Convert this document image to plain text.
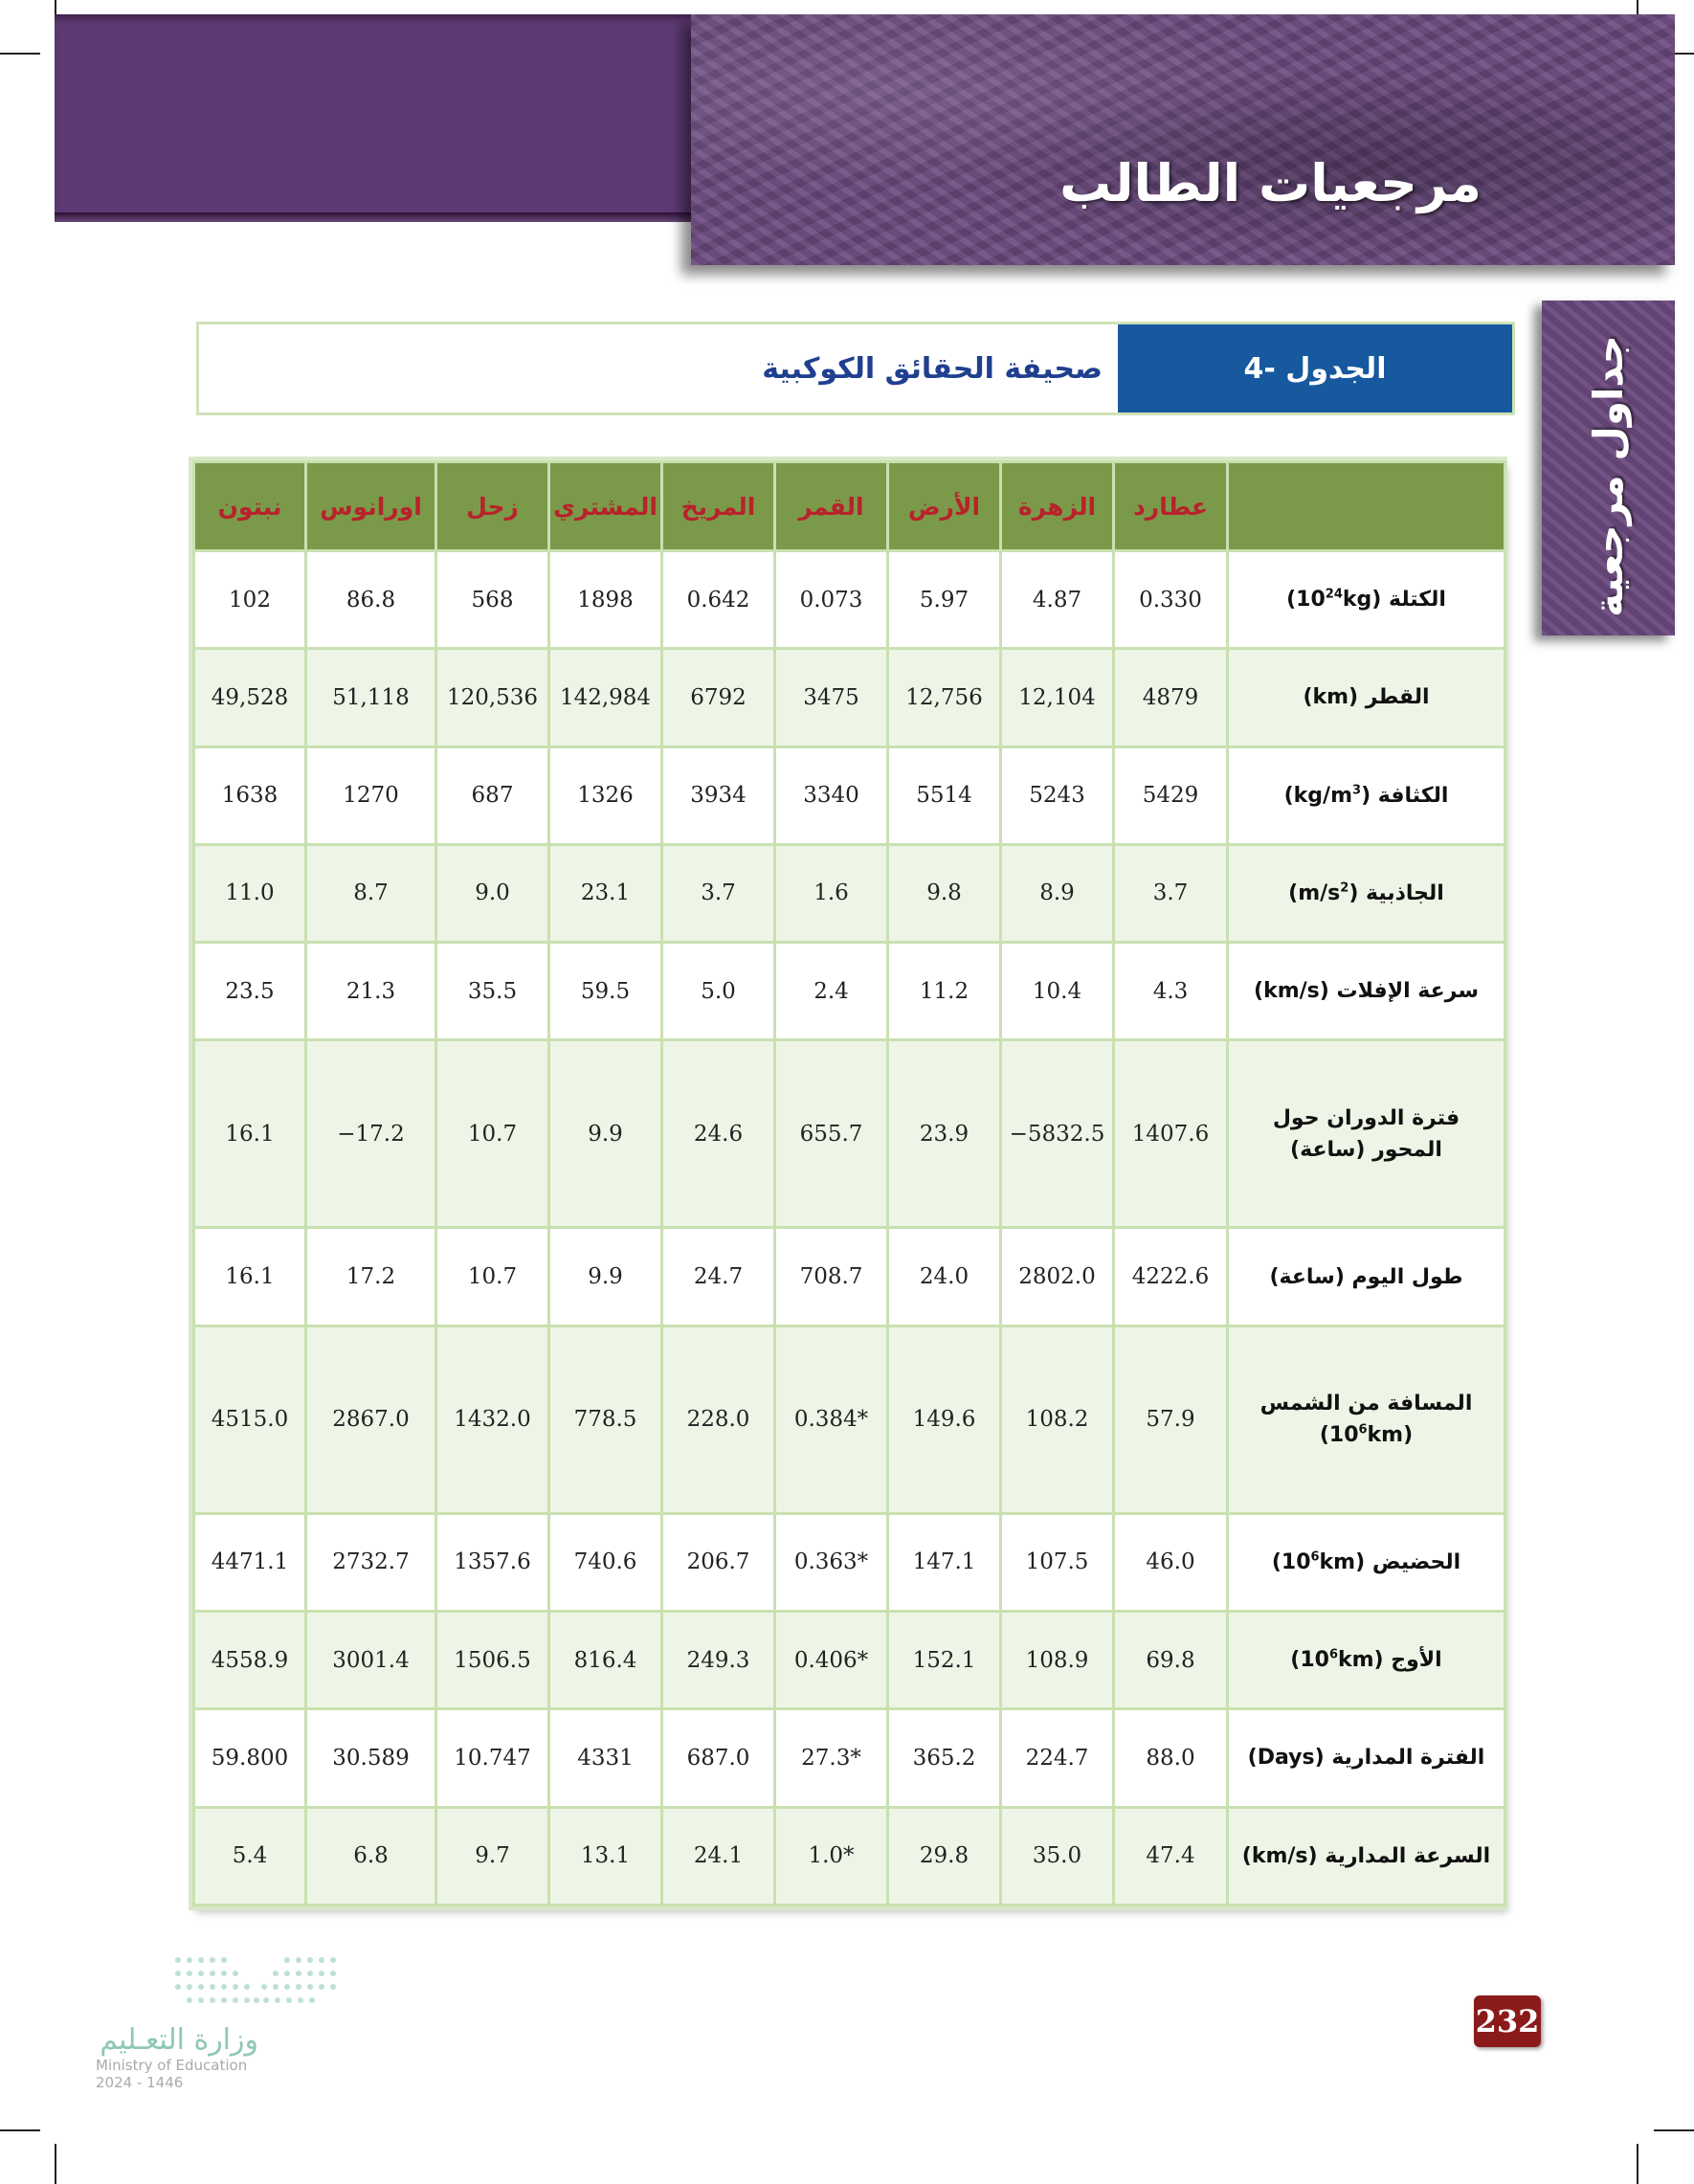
مرجعيات الطالب
جداول مرجعية
الجدول -4
صحيفة الحقائق الكوكبية
	عطارد	الزهرة	الأرض	القمر	المريخ	المشتري	زحل	اورانوس	نبتون
الكتلة $(10^{24}kg)$	0.330	4.87	5.97	0.073	0.642	1898	568	86.8	102
القطر (km)	4879	12,104	12,756	3475	6792	142,984	120,536	51,118	49,528
الكثافة $(kg/m^3)$	5429	5243	5514	3340	3934	1326	687	1270	1638
الجاذبية $(m/s^2)$	3.7	8.9	9.8	1.6	3.7	23.1	9.0	8.7	11.0
سرعة الإفلات (km/s)	4.3	10.4	11.2	2.4	5.0	59.5	35.5	21.3	23.5
فترة الدوران حول المحور (ساعة)	1407.6	−5832.5	23.9	655.7	24.6	9.9	10.7	−17.2	16.1
طول اليوم (ساعة)	4222.6	2802.0	24.0	708.7	24.7	9.9	10.7	17.2	16.1
المسافة من الشمس $(10^6km)$	57.9	108.2	149.6	0.384*	228.0	778.5	1432.0	2867.0	4515.0
الحضيض $(10^6km)$	46.0	107.5	147.1	0.363*	206.7	740.6	1357.6	2732.7	4471.1
الأوج $(10^6km)$	69.8	108.9	152.1	0.406*	249.3	816.4	1506.5	3001.4	4558.9
الفترة المدارية (Days)	88.0	224.7	365.2	27.3*	687.0	4331	10.747	30.589	59.800
السرعة المدارية (km/s)	47.4	35.0	29.8	1.0*	24.1	13.1	9.7	6.8	5.4
وزارة التعـليم
Ministry of Education
2024 - 1446
232
